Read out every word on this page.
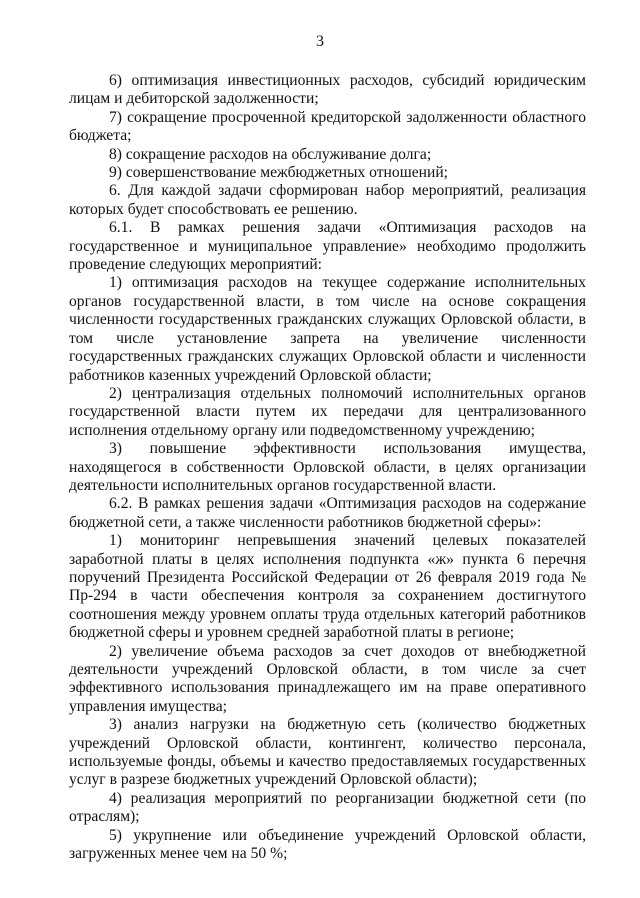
3

6) оптимизация инвестиционных расходов, субсидий юридическим лицам и дебиторской задолженности;

7) сокращение просроченной кредиторской задолженности областного бюджета;

8) сокращение расходов на обслуживание долга;

9) совершенствование межбюджетных отношений;

6. Для каждой задачи сформирован набор мероприятий, реализация которых будет способствовать ее решению.

6.1. В рамках решения задачи «Оптимизация расходов на государственное и муниципальное управление» необходимо продолжить проведение следующих мероприятий:

1) оптимизация расходов на текущее содержание исполнительных органов государственной власти, в том числе на основе сокращения численности государственных гражданских служащих Орловской области, в том числе установление запрета на увеличение численности государственных гражданских служащих Орловской области и численности работников казенных учреждений Орловской области;

2) централизация отдельных полномочий исполнительных органов государственной власти путем их передачи для централизованного исполнения отдельному органу или подведомственному учреждению;

3) повышение эффективности использования имущества, находящегося в собственности Орловской области, в целях организации деятельности исполнительных органов государственной власти.

6.2. В рамках решения задачи «Оптимизация расходов на содержание бюджетной сети, а также численности работников бюджетной сферы»:

1) мониторинг непревышения значений целевых показателей заработной платы в целях исполнения подпункта «ж» пункта 6 перечня поручений Президента Российской Федерации от 26 февраля 2019 года № Пр-294 в части обеспечения контроля за сохранением достигнутого соотношения между уровнем оплаты труда отдельных категорий работников бюджетной сферы и уровнем средней заработной платы в регионе;

2) увеличение объема расходов за счет доходов от внебюджетной деятельности учреждений Орловской области, в том числе за счет эффективного использования принадлежащего им на праве оперативного управления имущества;

3) анализ нагрузки на бюджетную сеть (количество бюджетных учреждений Орловской области, контингент, количество персонала, используемые фонды, объемы и качество предоставляемых государственных услуг в разрезе бюджетных учреждений Орловской области);

4) реализация мероприятий по реорганизации бюджетной сети (по отраслям);

5) укрупнение или объединение учреждений Орловской области, загруженных менее чем на 50 %;
